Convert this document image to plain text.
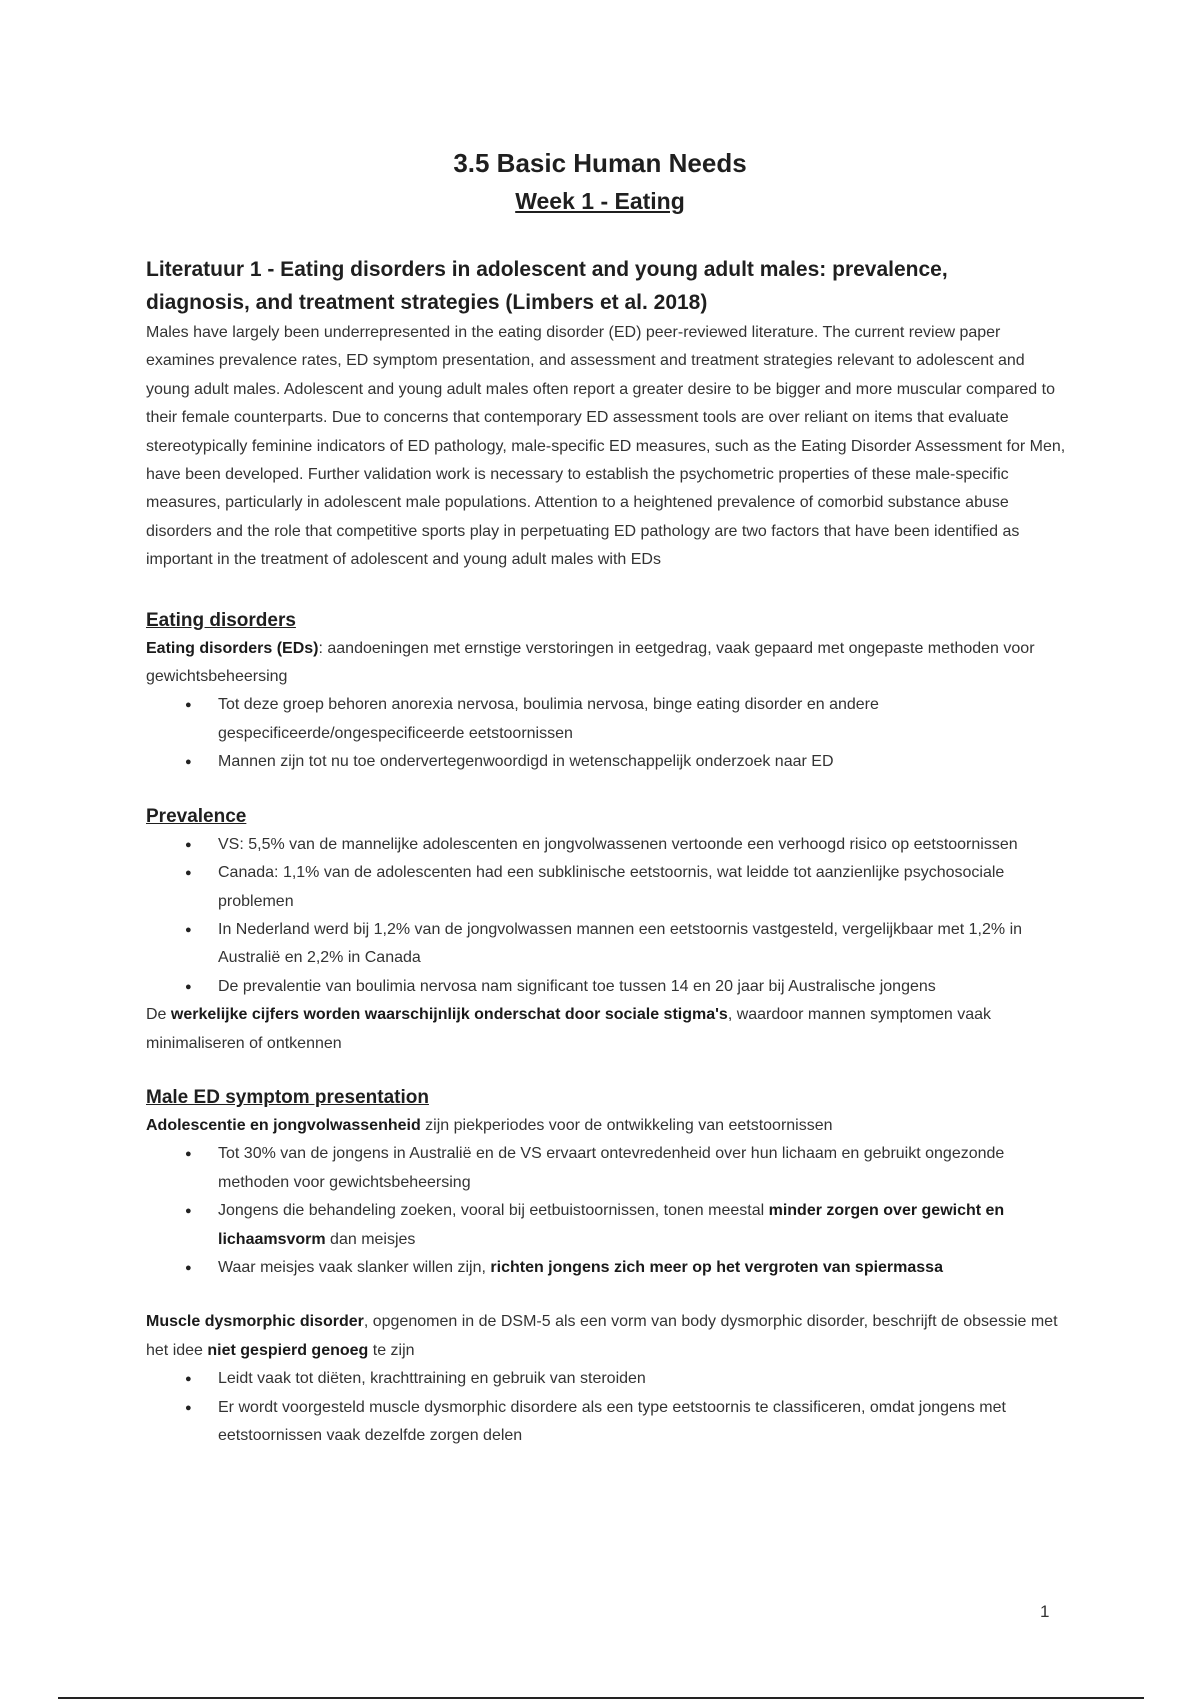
3.5 Basic Human Needs
Week 1 - Eating

Literatuur 1 - Eating disorders in adolescent and young adult males: prevalence,
diagnosis, and treatment strategies (Limbers et al. 2018)

Males have largely been underrepresented in the eating disorder (ED) peer-reviewed literature. The current review paper examines prevalence rates, ED symptom presentation, and assessment and treatment strategies relevant to adolescent and young adult males. Adolescent and young adult males often report a greater desire to be bigger and more muscular compared to their female counterparts. Due to concerns that contemporary ED assessment tools are over reliant on items that evaluate stereotypically feminine indicators of ED pathology, male-specific ED measures, such as the Eating Disorder Assessment for Men, have been developed. Further validation work is necessary to establish the psychometric properties of these male-specific measures, particularly in adolescent male populations. Attention to a heightened prevalence of comorbid substance abuse disorders and the role that competitive sports play in perpetuating ED pathology are two factors that have been identified as important in the treatment of adolescent and young adult males with EDs

Eating disorders

Eating disorders (EDs): aandoeningen met ernstige verstoringen in eetgedrag, vaak gepaard met ongepaste methoden voor gewichtsbeheersing

● Tot deze groep behoren anorexia nervosa, boulimia nervosa, binge eating disorder en andere gespecificeerde/ongespecificeerde eetstoornissen
● Mannen zijn tot nu toe ondervertegenwoordigd in wetenschappelijk onderzoek naar ED
Prevalence
● VS: 5,5% van de mannelijke adolescenten en jongvolwassenen vertoonde een verhoogd risico op eetstoornissen
● Canada: 1,1% van de adolescenten had een subklinische eetstoornis, wat leidde tot aanzienlijke psychosociale problemen
● In Nederland werd bij 1,2% van de jongvolwassen mannen een eetstoornis vastgesteld, vergelijkbaar met 1,2% in Australië en 2,2% in Canada
● De prevalentie van boulimia nervosa nam significant toe tussen 14 en 20 jaar bij Australische jongens

De werkelijke cijfers worden waarschijnlijk onderschat door sociale stigma's, waardoor mannen symptomen vaak minimaliseren of ontkennen

Male ED symptom presentation

Adolescentie en jongvolwassenheid zijn piekperiodes voor de ontwikkeling van eetstoornissen

● Tot 30% van de jongens in Australië en de VS ervaart ontevredenheid over hun lichaam en gebruikt ongezonde methoden voor gewichtsbeheersing
● Jongens die behandeling zoeken, vooral bij eetbuistoornissen, tonen meestal minder zorgen over gewicht en lichaamsvorm dan meisjes
● Waar meisjes vaak slanker willen zijn, richten jongens zich meer op het vergroten van spiermassa

Muscle dysmorphic disorder, opgenomen in de DSM-5 als een vorm van body dysmorphic disorder, beschrijft de obsessie met het idee niet gespierd genoeg te zijn

● Leidt vaak tot diëten, krachttraining en gebruik van steroiden
● Er wordt voorgesteld muscle dysmorphic disordere als een type eetstoornis te classificeren, omdat jongens met eetstoornissen vaak dezelfde zorgen delen
1
